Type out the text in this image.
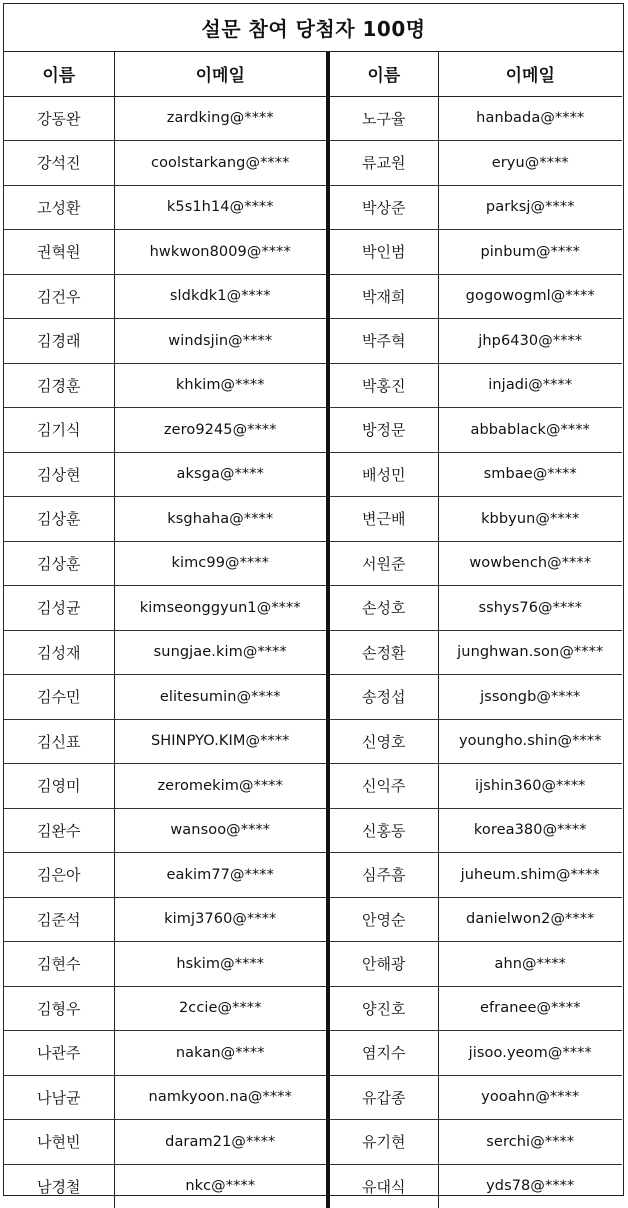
설문 참여 당첨자 100명
이름	이메일	이름	이메일
강동완	zardking@****	노구율	hanbada@****
강석진	coolstarkang@****	류교원	eryu@****
고성환	k5s1h14@****	박상준	parksj@****
권혁원	hwkwon8009@****	박인범	pinbum@****
김건우	sldkdk1@****	박재희	gogowogml@****
김경래	windsjin@****	박주혁	jhp6430@****
김경훈	khkim@****	박홍진	injadi@****
김기식	zero9245@****	방정문	abbablack@****
김상현	aksga@****	배성민	smbae@****
김상훈	ksghaha@****	변근배	kbbyun@****
김상훈	kimc99@****	서원준	wowbench@****
김성균	kimseonggyun1@****	손성호	sshys76@****
김성재	sungjae.kim@****	손정환	junghwan.son@****
김수민	elitesumin@****	송정섭	jssongb@****
김신표	SHINPYO.KIM@****	신영호	youngho.shin@****
김영미	zeromekim@****	신익주	ijshin360@****
김완수	wansoo@****	신홍동	korea380@****
김은아	eakim77@****	심주흠	juheum.shim@****
김준석	kimj3760@****	안영순	danielwon2@****
김현수	hskim@****	안해광	ahn@****
김형우	2ccie@****	양진호	efranee@****
나관주	nakan@****	염지수	jisoo.yeom@****
나남균	namkyoon.na@****	유갑종	yooahn@****
나현빈	daram21@****	유기현	serchi@****
남경철	nkc@****	유대식	yds78@****
